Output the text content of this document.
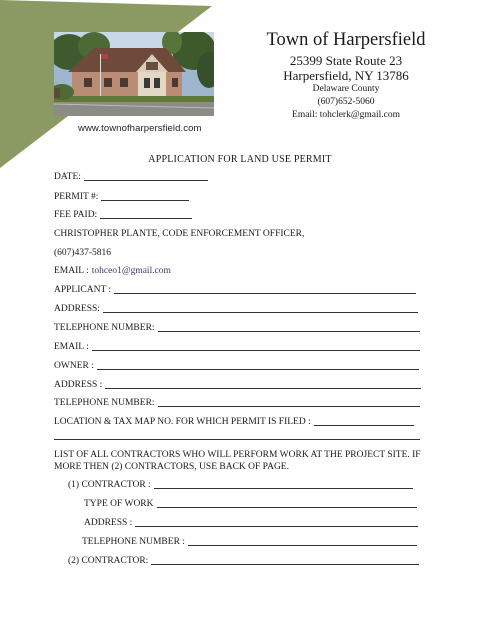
www.townofharpersfield.com
Town of Harpersfield
25399 State Route 23
Harpersfield, NY 13786
Delaware County
(607)652-5060
Email: tohclerk@gmail.com
APPLICATION FOR LAND USE PERMIT
DATE:
PERMIT #:
FEE PAID:
CHRISTOPHER PLANTE, CODE ENFORCEMENT OFFICER,
(607)437-5816
EMAIL : tohceo1@gmail.com
APPLICANT :
ADDRESS:
TELEPHONE NUMBER:
EMAIL :
OWNER :
ADDRESS :
TELEPHONE NUMBER:
LOCATION & TAX MAP NO. FOR WHICH PERMIT IS FILED :
LIST OF ALL CONTRACTORS WHO WILL PERFORM WORK AT THE PROJECT SITE. IF
MORE THEN (2) CONTRACTORS, USE BACK OF PAGE.
(1) CONTRACTOR :
TYPE OF WORK
ADDRESS :
TELEPHONE NUMBER :
(2) CONTRACTOR:
